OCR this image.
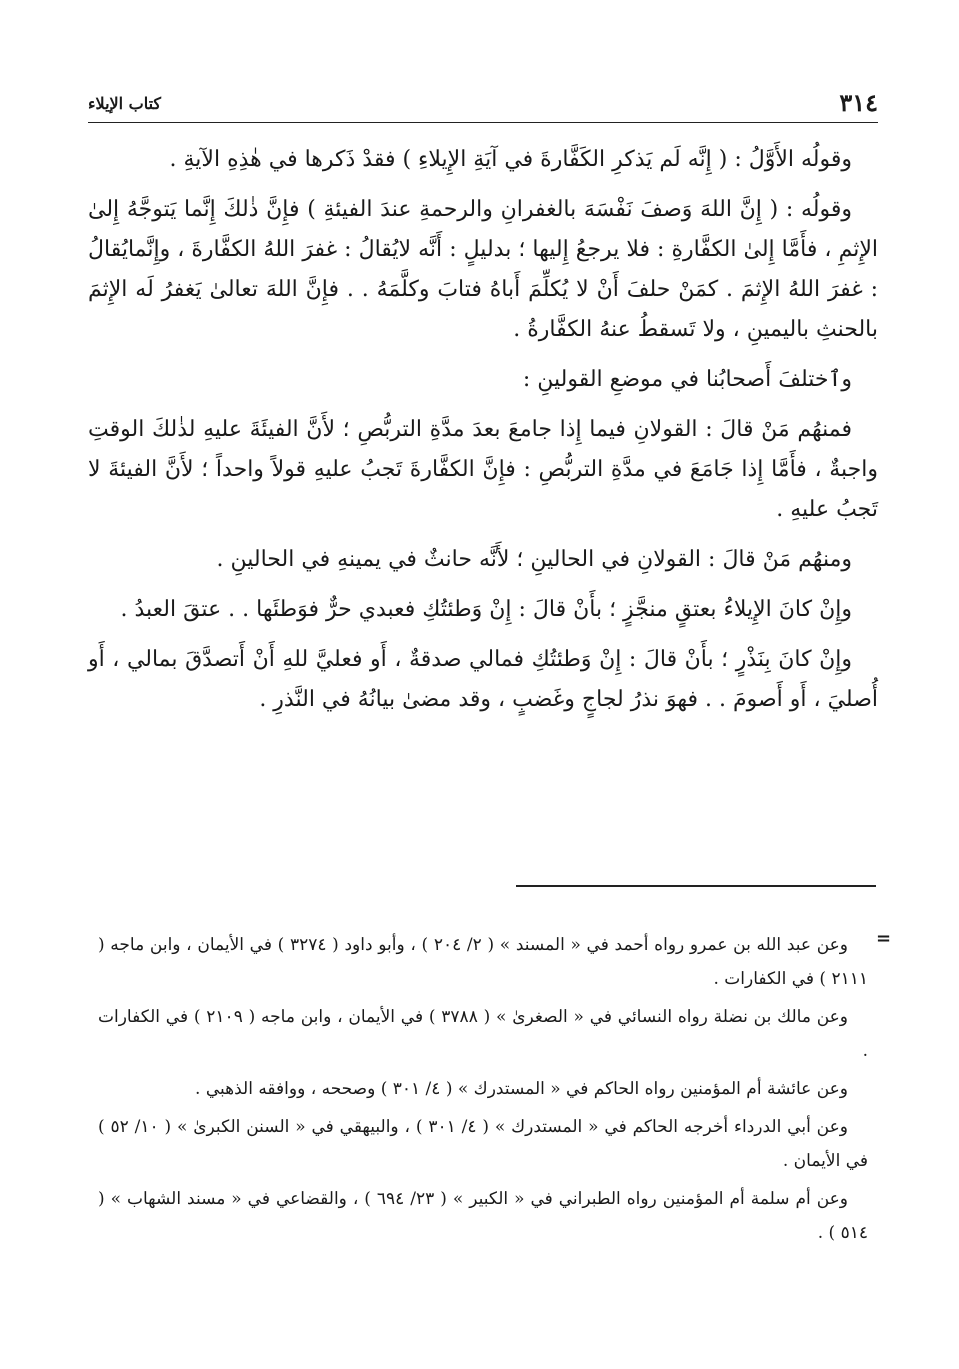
٣١٤
كتاب الإيلاء

وقولُه الأَوَّلُ : ( إِنَّه لَم يَذكرِ الكَفَّارةَ في آيَةِ الإِيلاءِ ) فقدْ ذَكرها في هٰذِهِ الآيةِ .

وقولُه : ( إِنَّ اللهَ وَصفَ نَفْسَهَ بالغفرانِ والرحمةِ عندَ الفيئةِ ) فإِنَّ ذٰلكَ إِنَّما يَتوجَّهُ إِلىٰ الإِثمِ ، فأَمَّا إِلىٰ الكفَّارةِ : فلا يرجعُ إِليها ؛ بدليلٍ : أَنَّه لايُقالُ : غفرَ اللهُ الكفَّارةَ ، وإِنَّمايُقالُ : غفرَ اللهُ الإِثمَ . كمَنْ حلفَ أَنْ لا يُكلِّمَ أَباهُ فتابَ وكلَّمَهُ . . فإِنَّ اللهَ تعالىٰ يَغفرُ لَه الإِثمَ بالحنثِ باليمينِ ، ولا تَسقطُ عنهُ الكفَّارةُ .

وٱختلفَ أَصحابُنا في موضعِ القولينِ :

فمنهُم مَنْ قالَ : القولانِ فيما إِذا جامعَ بعدَ مدَّةِ التربُّصِ ؛ لأَنَّ الفيئَةَ عليهِ لذٰلكَ الوقتِ واجبةٌ ، فأَمَّا إِذا جَامَعَ في مدَّةِ التربُّصِ : فإِنَّ الكفَّارةَ تَجبُ عليهِ قولاً واحداً ؛ لأَنَّ الفيئةَ لا تَجبُ عليهِ .

ومنهُم مَنْ قالَ : القولانِ في الحالينِ ؛ لأَنَّه حانثٌ في يمينهِ في الحالينِ .

وإِنْ كانَ الإِيلاءُ بعتقٍ منجَّزٍ ؛ بأَنْ قالَ : إِنْ وَطئتُكِ فعبدي حرٌّ فوَطئَها . . عتقَ العبدُ .

وإِنْ كانَ بِنَذْرٍ ؛ بأَنْ قالَ : إِنْ وَطئتُكِ فمالي صدقةٌ ، أَو فعليَّ للهِ أَنْ أَتصدَّقَ بمالي ، أَو أُصليَ ، أَو أَصومَ . . فهوَ نذرُ لجاجٍ وغَضبٍ ، وقد مضىٰ بيانُهُ في النَّذرِ .

=

وعن عبد الله بن عمرو رواه أحمد في « المسند » ( ٢/ ٢٠٤ ) ، وأبو داود ( ٣٢٧٤ ) في الأيمان ، وابن ماجه ( ٢١١١ ) في الكفارات .

وعن مالك بن نضلة رواه النسائي في « الصغرىٰ » ( ٣٧٨٨ ) في الأيمان ، وابن ماجه ( ٢١٠٩ ) في الكفارات .

وعن عائشة أم المؤمنين رواه الحاكم في « المستدرك » ( ٤/ ٣٠١ ) وصححه ، ووافقه الذهبي .

وعن أبي الدرداء أخرجه الحاكم في « المستدرك » ( ٤/ ٣٠١ ) ، والبيهقي في « السنن الكبرىٰ » ( ١٠/ ٥٢ ) في الأيمان .

وعن أم سلمة أم المؤمنين رواه الطبراني في « الكبير » ( ٢٣/ ٦٩٤ ) ، والقضاعي في « مسند الشهاب » ( ٥١٤ ) .
